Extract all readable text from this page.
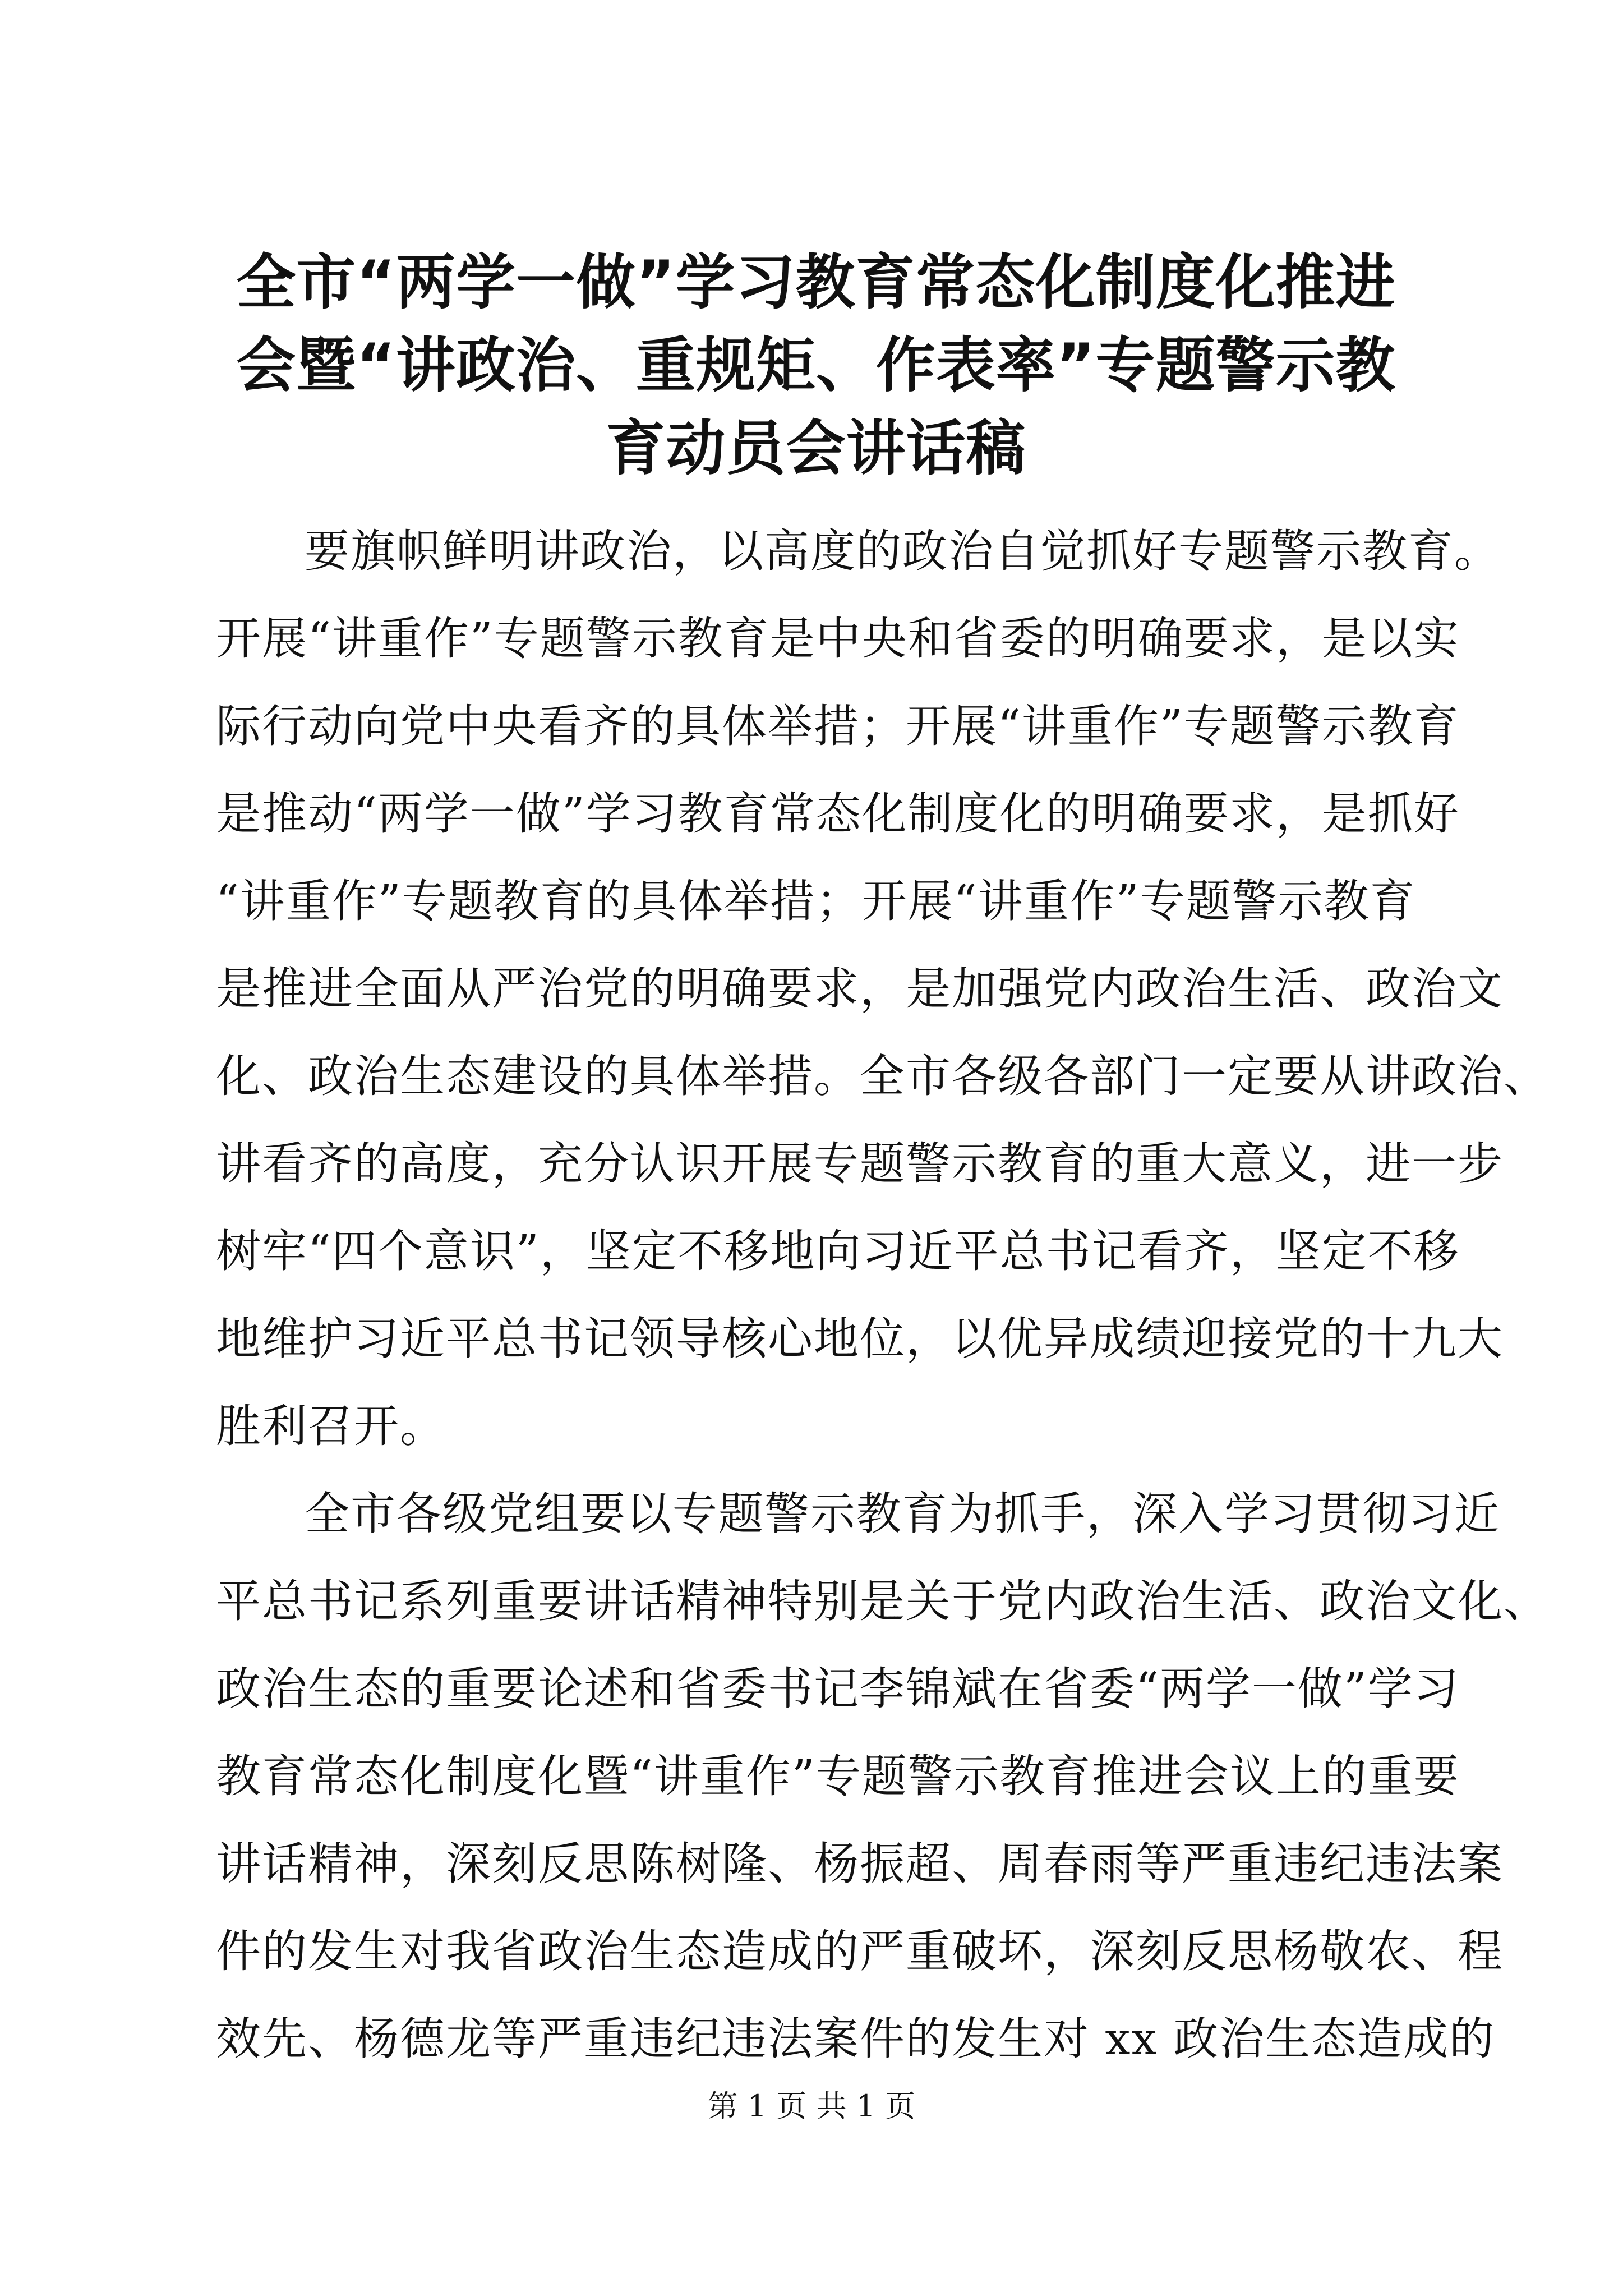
全市“两学一做”学习教育常态化制度化推进
会暨“讲政治、重规矩、作表率”专题警示教
育动员会讲话稿
要旗帜鲜明讲政治，以高度的政治自觉抓好专题警示教育。
开展“讲重作”专题警示教育是中央和省委的明确要求，是以实
际行动向党中央看齐的具体举措；开展“讲重作”专题警示教育
是推动“两学一做”学习教育常态化制度化的明确要求，是抓好
“讲重作”专题教育的具体举措；开展“讲重作”专题警示教育
是推进全面从严治党的明确要求，是加强党内政治生活、政治文
化、政治生态建设的具体举措。全市各级各部门一定要从讲政治、
讲看齐的高度，充分认识开展专题警示教育的重大意义，进一步
树牢“四个意识”，坚定不移地向习近平总书记看齐，坚定不移
地维护习近平总书记领导核心地位，以优异成绩迎接党的十九大
胜利召开。
全市各级党组要以专题警示教育为抓手，深入学习贯彻习近
平总书记系列重要讲话精神特别是关于党内政治生活、政治文化、
政治生态的重要论述和省委书记李锦斌在省委“两学一做”学习
教育常态化制度化暨“讲重作”专题警示教育推进会议上的重要
讲话精神，深刻反思陈树隆、杨振超、周春雨等严重违纪违法案
件的发生对我省政治生态造成的严重破坏，深刻反思杨敬农、程
效先、杨德龙等严重违纪违法案件的发生对 xx 政治生态造成的
第 1 页 共 1 页
